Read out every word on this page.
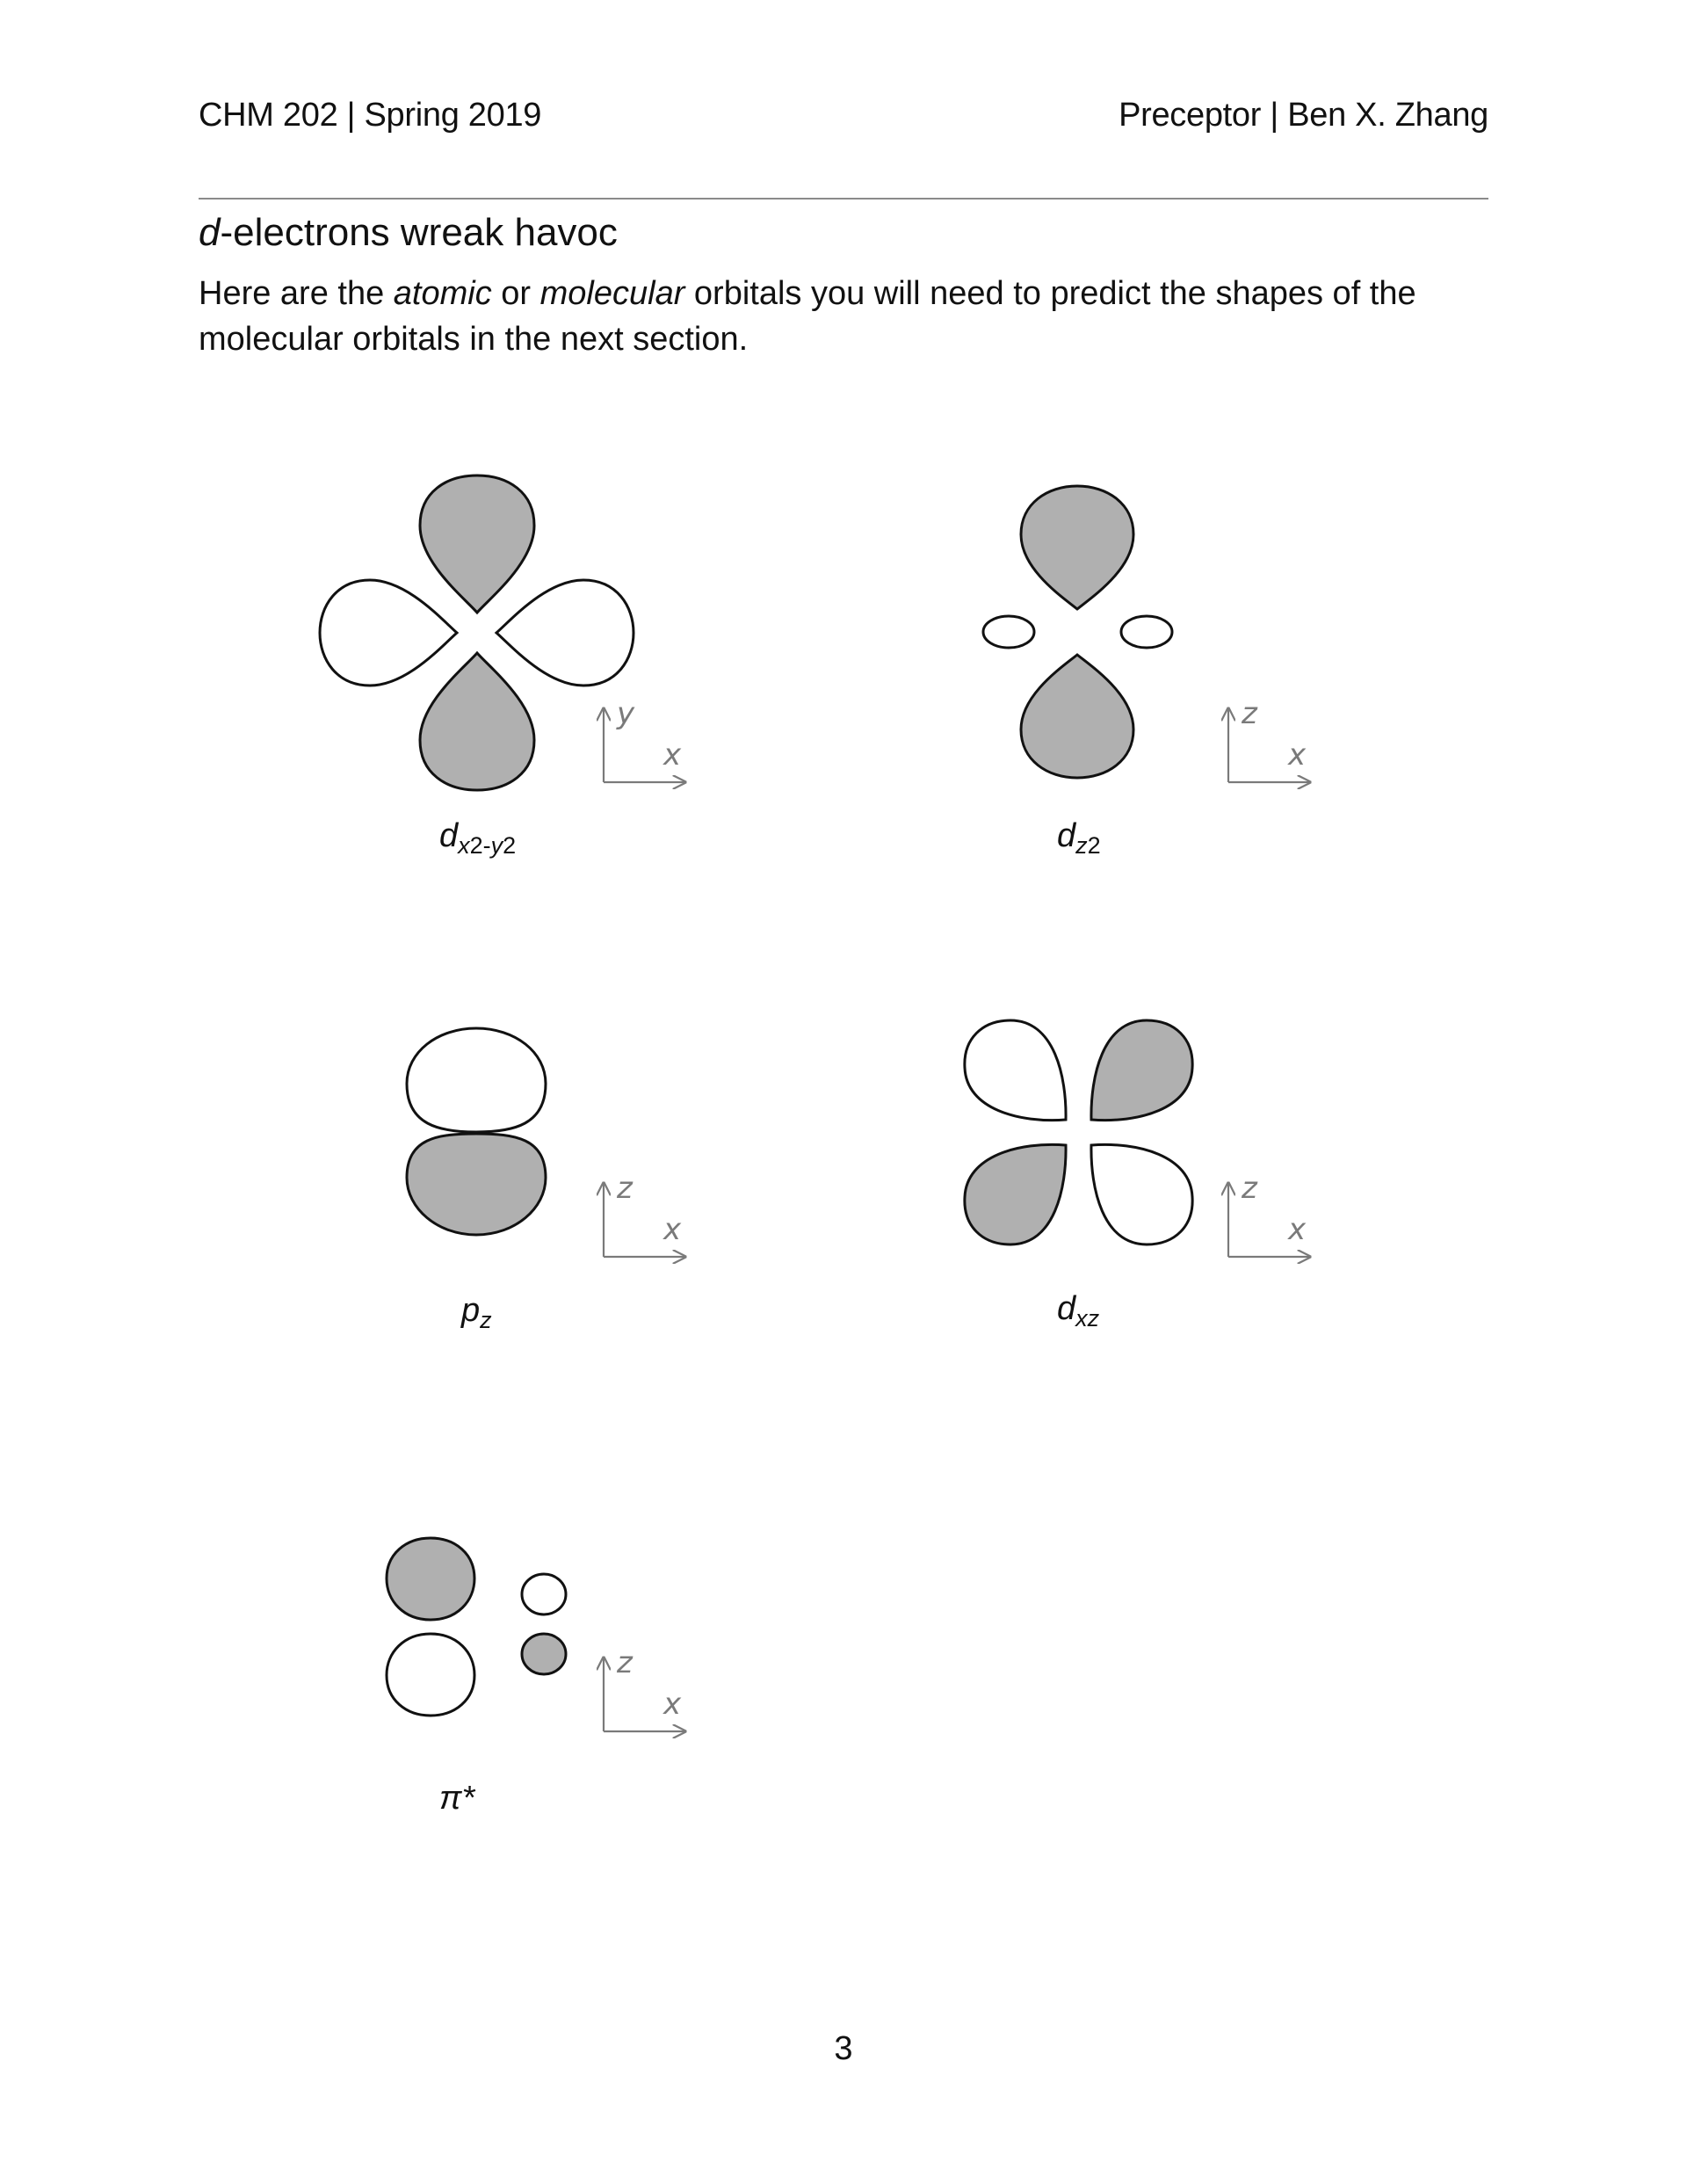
CHM 202 | Spring 2019	Preceptor | Ben X. Zhang
d-electrons wreak havoc

Here are the atomic or molecular orbitals you will need to predict the shapes of the molecular orbitals in the next section.

y
x
z
x
z
x
z
x
z
x
$d_{x2-y2}$	$d_{z2}$
$p_z$	$d_{xz}$
π*
3
